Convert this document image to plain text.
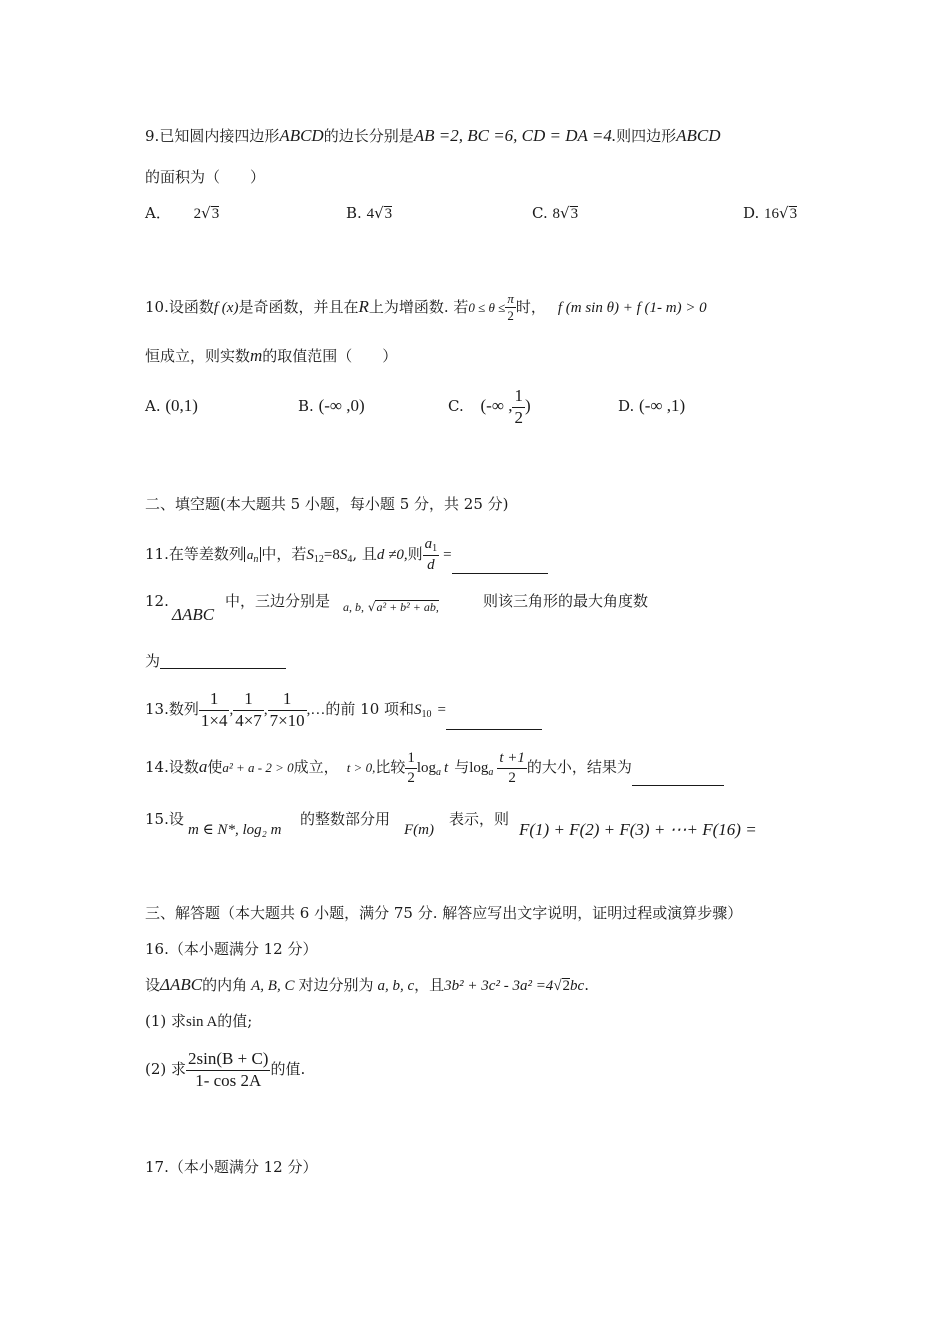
9.已知圆内接四边形ABCD的边长分别是AB =2, BC =6, CD = DA =4.则四边形ABCD
的面积为（　　）
A． 2√3	B. 4√3	C. 8√3	D. 16√3
10.设函数f (x)是奇函数，并且在R上为增函数. 若$0 \le \theta \le \frac{\pi}{2}$ 时， f (m sin θ) + f (1- m) > 0
恒成立，则实数m的取值范围（　　）
A. (0,1)	B. (-∞ ,0)	C. (-∞ , $\frac{1}{2}$ )	D. (-∞ ,1)
二、填空题(本大题共 5 小题，每小题 5 分，共 25 分)
11.在等差数列 $a_n$ 中，若$S_{12}=8S_4$, 且d ≠0,则 $\frac{a_1}{d}$ =
12.
ΔABC
中，三边分别是 a, b, √a² + b² + ab,	则该三角形的最大角度数
为
13.数列 $\frac{1}{1\times 4}$ , $\frac{1}{4\times 7}$ , $\frac{1}{7\times 10}$ ,…的前 10 项和$S_{10}$ =
14.设数a使a² + a - 2 > 0成立， t > 0,比较 $\frac{1}{2} \log_a t$ 与$\log_a \frac{t +1}{2}$ 的大小，结果为
15.设
m ∈ N*, log₂ m
的整数部分用
F(m)
表示，则
F(1) + F(2) + F(3) + ⋯+ F(16) =
三、解答题（本大题共 6 小题，满分 75 分. 解答应写出文字说明，证明过程或演算步骤）
16.（本小题满分 12 分）
设ΔABC的内角 A, B, C 对边分别为 a, b, c，且3b² + 3c² - 3a² =4√2bc.
(1) 求sin A的值;
(2) 求 $\frac{2\sin(B + C)}{1- \cos 2A}$ 的值.
17.（本小题满分 12 分）
